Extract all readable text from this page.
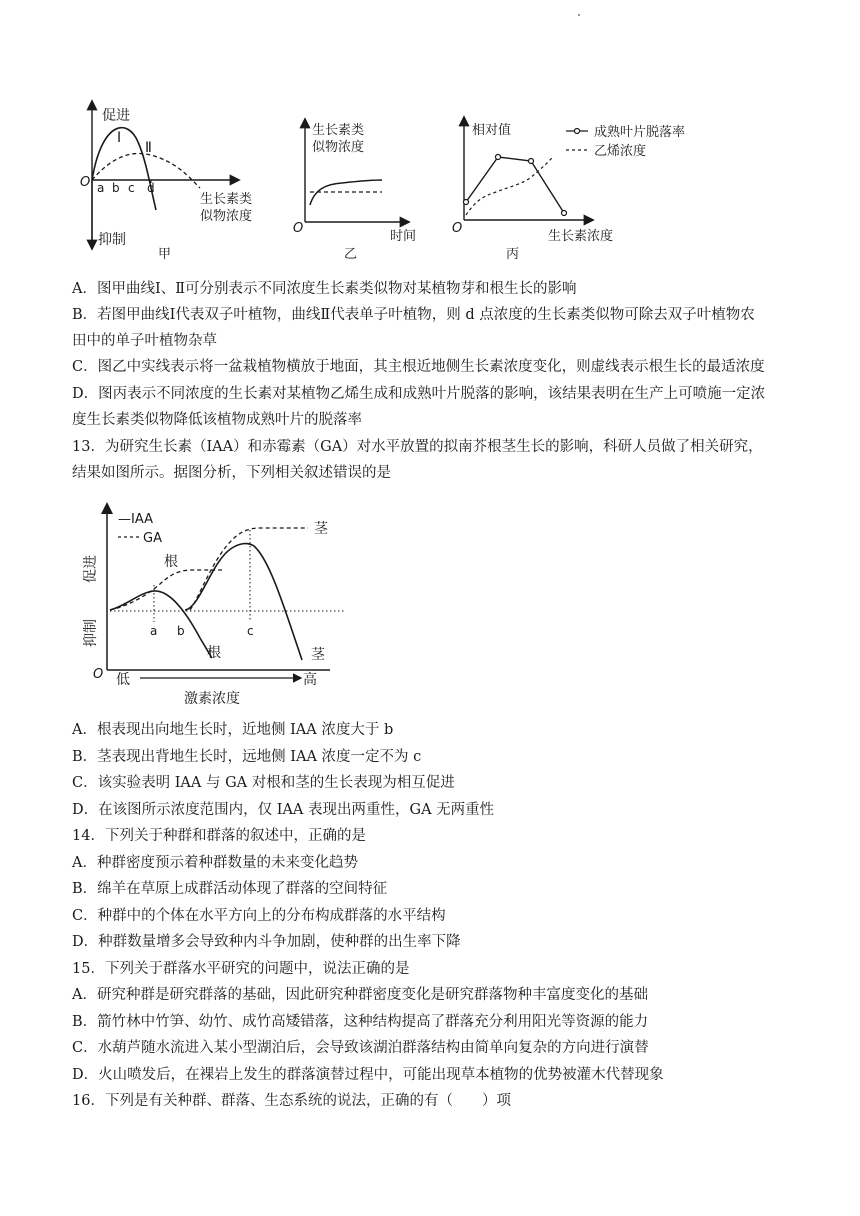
促进
抑制
O
Ⅰ
Ⅱ
a b c d
生长素类
似物浓度
甲
生长素类
似物浓度
O
时间
乙
相对值	成熟叶片脱落率
乙烯浓度
O
生长素浓度
丙
A．图甲曲线Ⅰ、Ⅱ可分别表示不同浓度生长素类似物对某植物芽和根生长的影响
B．若图甲曲线Ⅰ代表双子叶植物，曲线Ⅱ代表单子叶植物，则 d 点浓度的生长素类似物可除去双子叶植物农
田中的单子叶植物杂草
C．图乙中实线表示将一盆栽植物横放于地面，其主根近地侧生长素浓度变化，则虚线表示根生长的最适浓度
D．图丙表示不同浓度的生长素对某植物乙烯生成和成熟叶片脱落的影响，该结果表明在生产上可喷施一定浓
度生长素类似物降低该植物成熟叶片的脱落率
13．为研究生长素（IAA）和赤霉素（GA）对水平放置的拟南芥根茎生长的影响，科研人员做了相关研究，
结果如图所示。据图分析，下列相关叙述错误的是
—IAA
GA
促进
抑制
根
茎
根	茎
a b	c
O 低	高
激素浓度
A．根表现出向地生长时，近地侧 IAA 浓度大于 b
B．茎表现出背地生长时，远地侧 IAA 浓度一定不为 c
C．该实验表明 IAA 与 GA 对根和茎的生长表现为相互促进
D．在该图所示浓度范围内，仅 IAA 表现出两重性，GA 无两重性
14．下列关于种群和群落的叙述中，正确的是
A．种群密度预示着种群数量的未来变化趋势
B．绵羊在草原上成群活动体现了群落的空间特征
C．种群中的个体在水平方向上的分布构成群落的水平结构
D．种群数量增多会导致种内斗争加剧，使种群的出生率下降
15．下列关于群落水平研究的问题中，说法正确的是
A．研究种群是研究群落的基础，因此研究种群密度变化是研究群落物种丰富度变化的基础
B．箭竹林中竹笋、幼竹、成竹高矮错落，这种结构提高了群落充分利用阳光等资源的能力
C．水葫芦随水流进入某小型湖泊后，会导致该湖泊群落结构由简单向复杂的方向进行演替
D．火山喷发后，在裸岩上发生的群落演替过程中，可能出现草本植物的优势被灌木代替现象
16．下列是有关种群、群落、生态系统的说法，正确的有（　　）项
